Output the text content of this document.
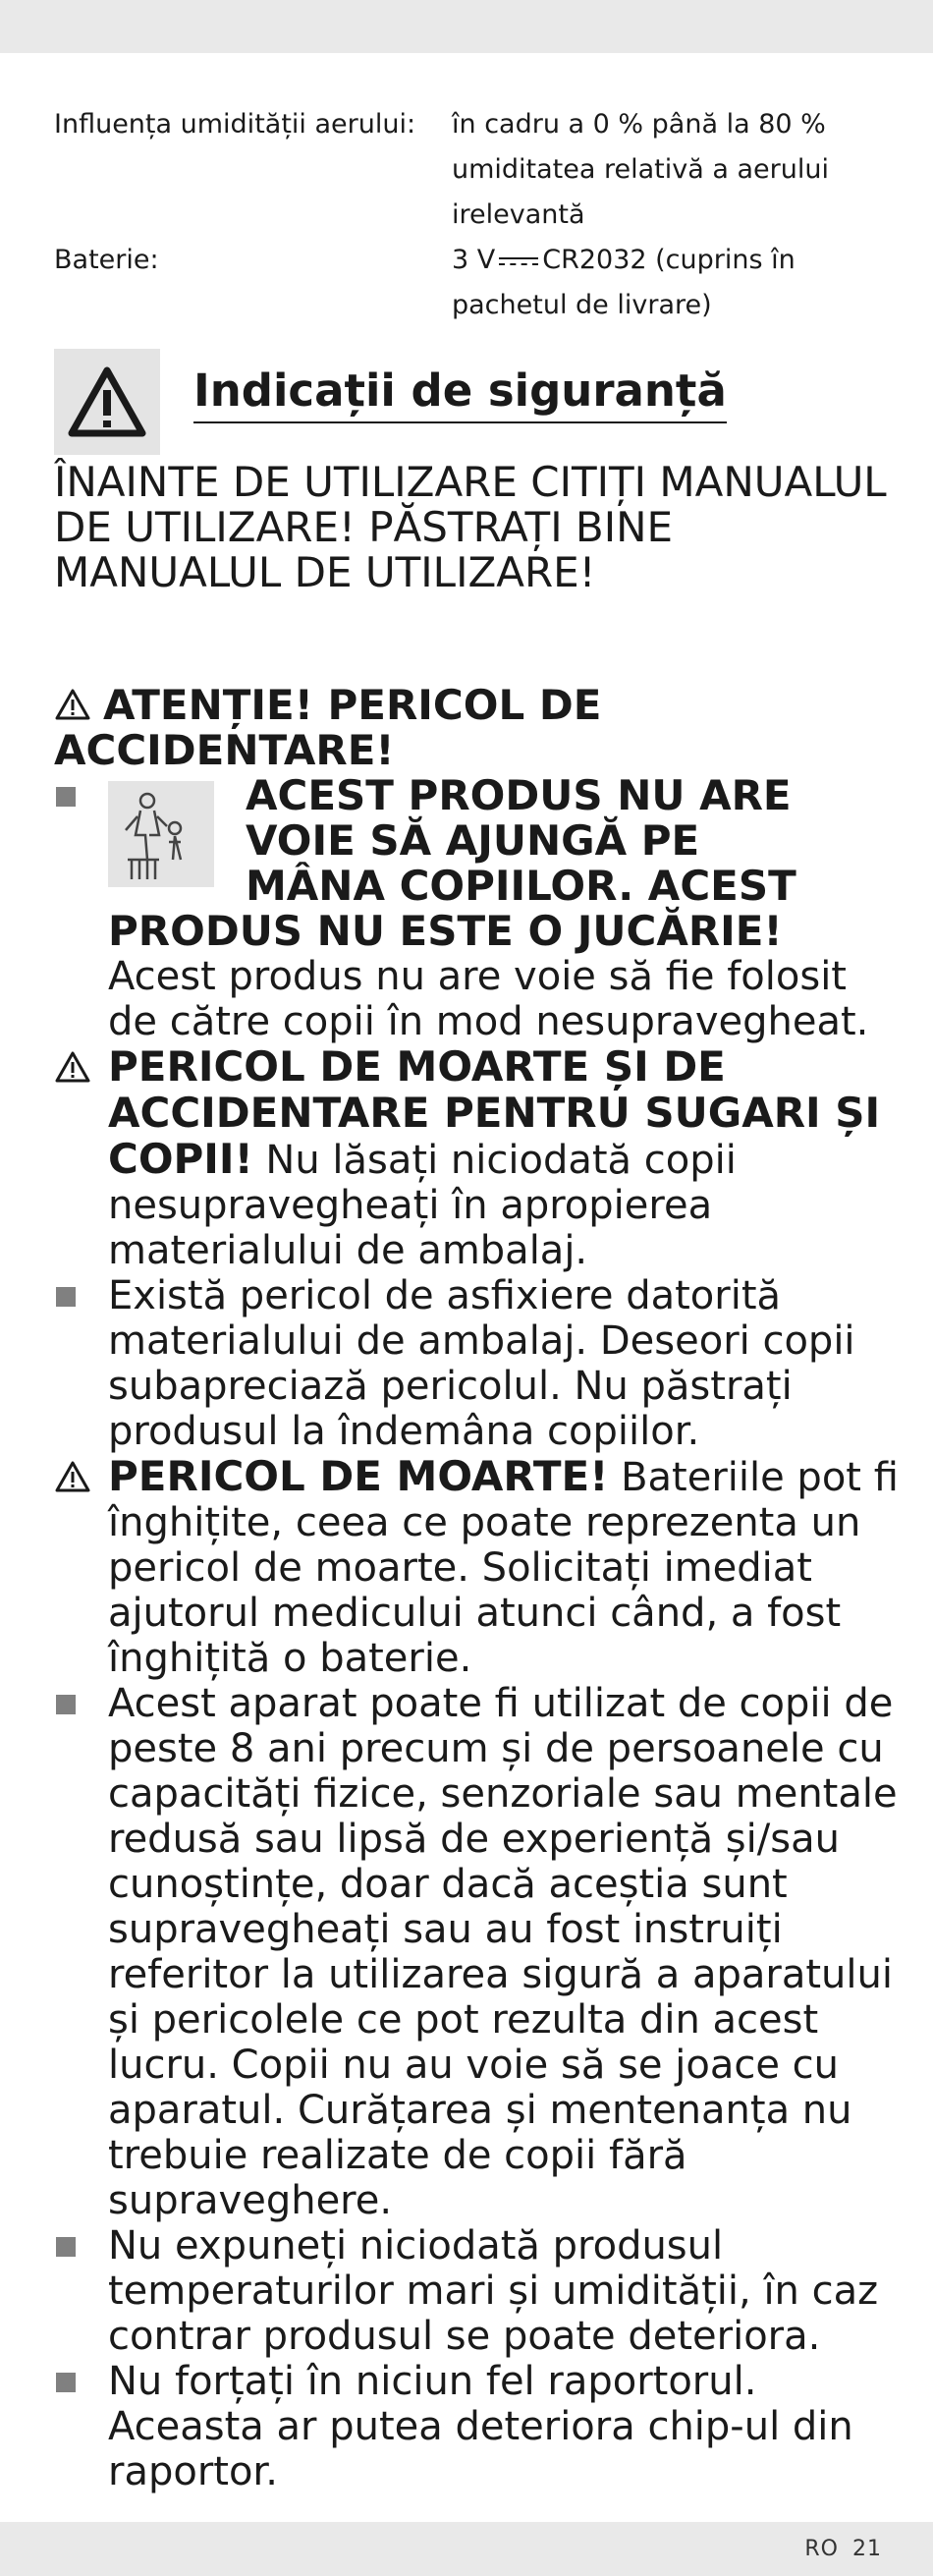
Influența umidității aerului:	în cadru a 0 % până la 80 % umiditatea relativă a aerului irelevantă
Baterie:	3 V CR2032 (cuprins în pachetul de livrare)
Indicații de siguranță
ÎNAINTE DE UTILIZARE CITIȚI MANUALUL DE UTILIZARE! PĂSTRAȚI BINE MANUALUL DE UTILIZARE!
ATENȚIE! PERICOL DE ACCIDENTARE!
ACEST PRODUS NU ARE
VOIE SĂ AJUNGĂ PE
MÂNA COPIILOR. ACEST
PRODUS NU ESTE O JUCĂRIE!
Acest produs nu are voie să fie folosit de către copii în mod nesupravegheat.
PERICOL DE MOARTE ȘI DE ACCIDENTARE PENTRU SUGARI ȘI COPII! Nu lăsați niciodată copii nesupravegheați în apropierea materialului de ambalaj.
Există pericol de asfixiere datorită materialului de ambalaj. Deseori copii subapreciază pericolul. Nu păstrați produsul la îndemâna copiilor.
PERICOL DE MOARTE! Bateriile pot fi înghițite, ceea ce poate reprezenta un pericol de moarte. Solicitați imediat ajutorul medicului atunci când, a fost înghițită o baterie.
Acest aparat poate fi utilizat de copii de peste 8 ani precum și de persoanele cu capacități fizice, senzoriale sau mentale redusă sau lipsă de experiență și/sau cunoștințe, doar dacă aceștia sunt supravegheați sau au fost instruiți referitor la utilizarea sigură a aparatului și pericolele ce pot rezulta din acest lucru. Copii nu au voie să se joace cu aparatul. Curățarea și mentenanța nu trebuie realizate de copii fără supraveghere.
Nu expuneți niciodată produsul temperaturilor mari și umidității, în caz contrar produsul se poate deteriora.
Nu forțați în niciun fel raportorul. Aceasta ar putea deteriora chip-ul din raportor.
RO 21
